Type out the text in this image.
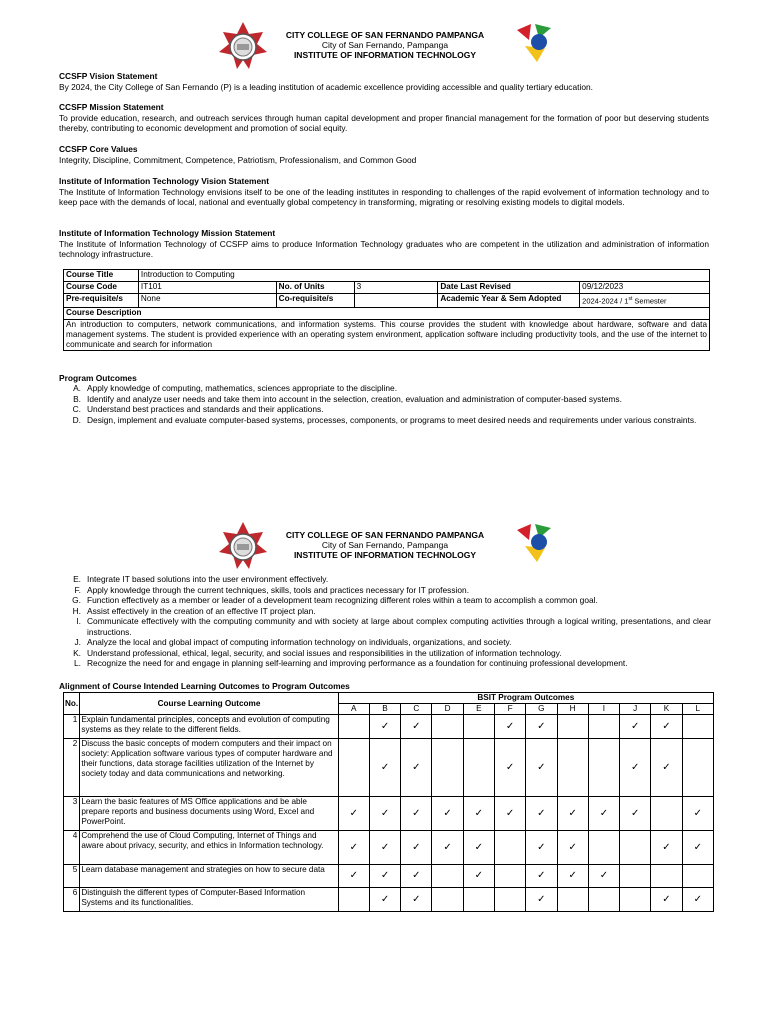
CITY COLLEGE OF SAN FERNANDO PAMPANGA
City of San Fernando, Pampanga
INSTITUTE OF INFORMATION TECHNOLOGY
CCSFP Vision Statement

By 2024, the City College of San Fernando (P) is a leading institution of academic excellence providing accessible and quality tertiary education.

CCSFP Mission Statement

To provide education, research, and outreach services through human capital development and proper financial management for the formation of poor but deserving students thereby, contributing to economic development and promotion of social equity.

CCSFP Core Values

Integrity, Discipline, Commitment, Competence, Patriotism, Professionalism, and Common Good

Institute of Information Technology Vision Statement

The Institute of Information Technology envisions itself to be one of the leading institutes in responding to challenges of the rapid evolvement of information technology and to keep pace with the demands of local, national and eventually global competency in transforming, migrating or resolving existing models to digital models.

Institute of Information Technology Mission Statement

The Institute of Information Technology of CCSFP aims to produce Information Technology graduates who are competent in the utilization and administration of information technology infrastructure.

Course Title	Introduction to Computing				
Course Code	IT101	No. of Units	3	Date Last Revised	09/12/2023
Pre-requisite/s	None	Co-requisite/s		Academic Year & Sem Adopted	2024-2024 / 1st Semester
Course Description					
An introduction to computers, network communications, and information systems. This course provides the student with knowledge about hardware, software and data management systems. The student is provided experience with an operating system environment, application software including productivity tools, and the use of the internet to communicate and search for information					
Program Outcomes
A. Apply knowledge of computing, mathematics, sciences appropriate to the discipline.
B. Identify and analyze user needs and take them into account in the selection, creation, evaluation and administration of computer-based systems.
C. Understand best practices and standards and their applications.
D. Design, implement and evaluate computer-based systems, processes, components, or programs to meet desired needs and requirements under various constraints.
CITY COLLEGE OF SAN FERNANDO PAMPANGA
City of San Fernando, Pampanga
INSTITUTE OF INFORMATION TECHNOLOGY
E. Integrate IT based solutions into the user environment effectively.
F. Apply knowledge through the current techniques, skills, tools and practices necessary for IT profession.
G. Function effectively as a member or leader of a development team recognizing different roles within a team to accomplish a common goal.
H. Assist effectively in the creation of an effective IT project plan.
I. Communicate effectively with the computing community and with society at large about complex computing activities through a logical writing, presentations, and clear instructions.
J. Analyze the local and global impact of computing information technology on individuals, organizations, and society.
K. Understand professional, ethical, legal, security, and social issues and responsibilities in the utilization of information technology.
L. Recognize the need for and engage in planning self-learning and improving performance as a foundation for continuing professional development.
Alignment of Course Intended Learning Outcomes to Program Outcomes
No.	Course Learning Outcome	BSIT Program Outcomes											
		A	B	C	D	E	F	G	H	I	J	K	L
1	Explain fundamental principles, concepts and evolution of computing systems as they relate to the different fields.		✓	✓			✓	✓			✓	✓	
2	Discuss the basic concepts of modern computers and their impact on society: Application software various types of computer hardware and their functions, data storage facilities utilization of the Internet by society today and data communications and networking.		✓	✓			✓	✓			✓	✓	
3	Learn the basic features of MS Office applications and be able prepare reports and business documents using Word, Excel and PowerPoint.	✓	✓	✓	✓	✓	✓	✓	✓	✓	✓		✓
4	Comprehend the use of Cloud Computing, Internet of Things and aware about privacy, security, and ethics in Information technology.	✓	✓	✓	✓	✓		✓	✓			✓	✓
5	Learn database management and strategies on how to secure data	✓	✓	✓		✓		✓	✓	✓			
6	Distinguish the different types of Computer-Based Information Systems and its functionalities.		✓	✓				✓				✓	✓
